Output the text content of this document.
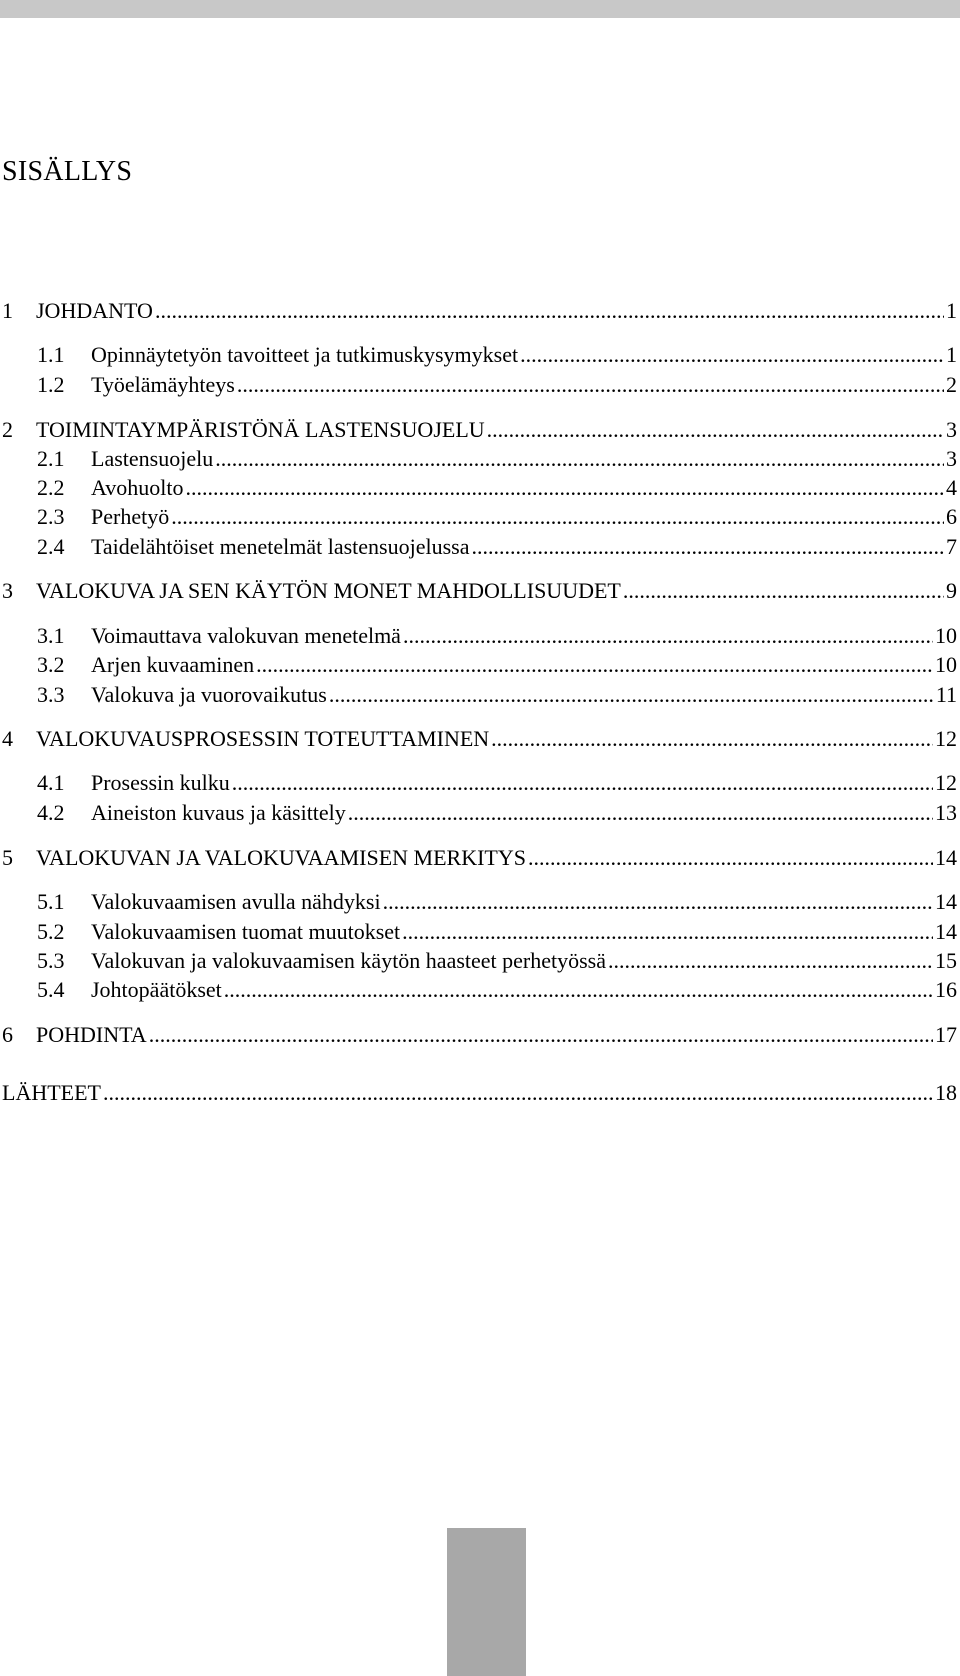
SISÄLLYS
1	JOHDANTO .....	1
1.1	Opinnäytetyön tavoitteet ja tutkimuskysymykset .....	1
1.2	Työelämäyhteys .....	2
2	TOIMINTAYMPÄRISTÖNÄ LASTENSUOJELU .....	3
2.1	Lastensuojelu .....	3
2.2	Avohuolto .....	4
2.3	Perhetyö .....	6
2.4	Taidelähtöiset menetelmät lastensuojelussa .....	7
3	VALOKUVA JA SEN KÄYTÖN MONET MAHDOLLISUUDET .....	9
3.1	Voimauttava valokuvan menetelmä .....	10
3.2	Arjen kuvaaminen .....	10
3.3	Valokuva ja vuorovaikutus .....	11
4	VALOKUVAUSPROSESSIN TOTEUTTAMINEN .....	12
4.1	Prosessin kulku .....	12
4.2	Aineiston kuvaus ja käsittely .....	13
5	VALOKUVAN JA VALOKUVAAMISEN MERKITYS .....	14
5.1	Valokuvaamisen avulla nähdyksi .....	14
5.2	Valokuvaamisen tuomat muutokset .....	14
5.3	Valokuvan ja valokuvaamisen käytön haasteet perhetyössä .....	15
5.4	Johtopäätökset .....	16
6	POHDINTA .....	17
LÄHTEET .....	18
